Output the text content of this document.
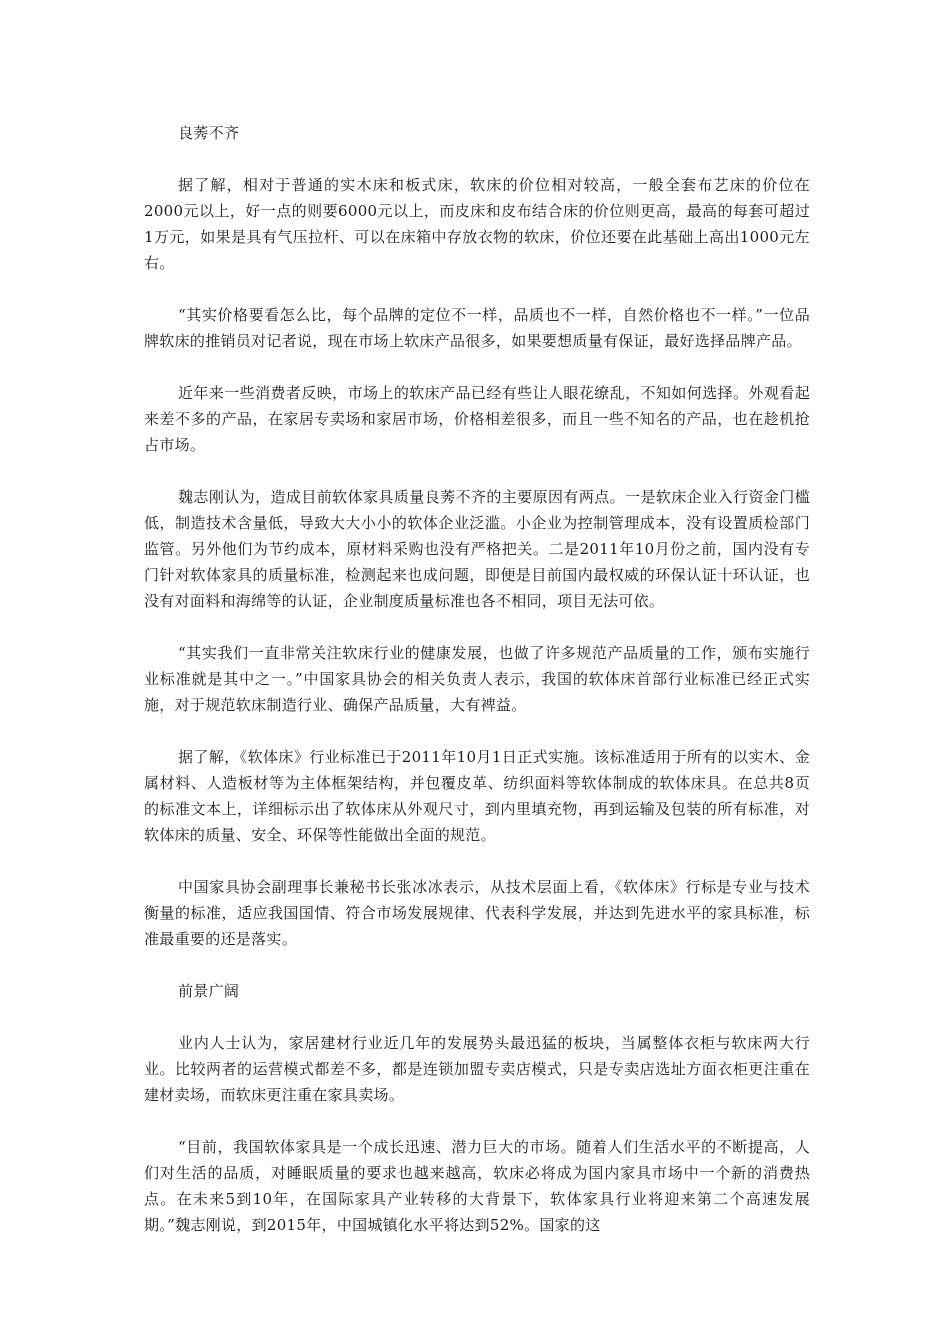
良莠不齐

据了解，相对于普通的实木床和板式床，软床的价位相对较高，一般全套布艺床的价位在2000元以上，好一点的则要6000元以上，而皮床和皮布结合床的价位则更高，最高的每套可超过1万元，如果是具有气压拉杆、可以在床箱中存放衣物的软床，价位还要在此基础上高出1000元左右。

“其实价格要看怎么比，每个品牌的定位不一样，品质也不一样，自然价格也不一样。”一位品牌软床的推销员对记者说，现在市场上软床产品很多，如果要想质量有保证，最好选择品牌产品。

近年来一些消费者反映，市场上的软床产品已经有些让人眼花缭乱，不知如何选择。外观看起来差不多的产品，在家居专卖场和家居市场，价格相差很多，而且一些不知名的产品，也在趁机抢占市场。

魏志刚认为，造成目前软体家具质量良莠不齐的主要原因有两点。一是软床企业入行资金门槛低，制造技术含量低，导致大大小小的软体企业泛滥。小企业为控制管理成本，没有设置质检部门监管。另外他们为节约成本，原材料采购也没有严格把关。二是2011年10月份之前，国内没有专门针对软体家具的质量标准，检测起来也成问题，即便是目前国内最权威的环保认证十环认证，也没有对面料和海绵等的认证，企业制度质量标准也各不相同，项目无法可依。

“其实我们一直非常关注软床行业的健康发展，也做了许多规范产品质量的工作，颁布实施行业标准就是其中之一。”中国家具协会的相关负责人表示，我国的软体床首部行业标准已经正式实施，对于规范软床制造行业、确保产品质量，大有裨益。

据了解，《软体床》行业标准已于2011年10月1日正式实施。该标准适用于所有的以实木、金属材料、人造板材等为主体框架结构，并包覆皮革、纺织面料等软体制成的软体床具。在总共8页的标准文本上，详细标示出了软体床从外观尺寸，到内里填充物，再到运输及包装的所有标准，对软体床的质量、安全、环保等性能做出全面的规范。

中国家具协会副理事长兼秘书长张冰冰表示，从技术层面上看，《软体床》行标是专业与技术衡量的标准，适应我国国情、符合市场发展规律、代表科学发展，并达到先进水平的家具标准，标准最重要的还是落实。

前景广阔

业内人士认为，家居建材行业近几年的发展势头最迅猛的板块，当属整体衣柜与软床两大行业。比较两者的运营模式都差不多，都是连锁加盟专卖店模式，只是专卖店选址方面衣柜更注重在建材卖场，而软床更注重在家具卖场。

“目前，我国软体家具是一个成长迅速、潜力巨大的市场。随着人们生活水平的不断提高，人们对生活的品质，对睡眠质量的要求也越来越高，软床必将成为国内家具市场中一个新的消费热点。在未来5到10年，在国际家具产业转移的大背景下，软体家具行业将迎来第二个高速发展期。”魏志刚说，到2015年，中国城镇化水平将达到52%。国家的这
